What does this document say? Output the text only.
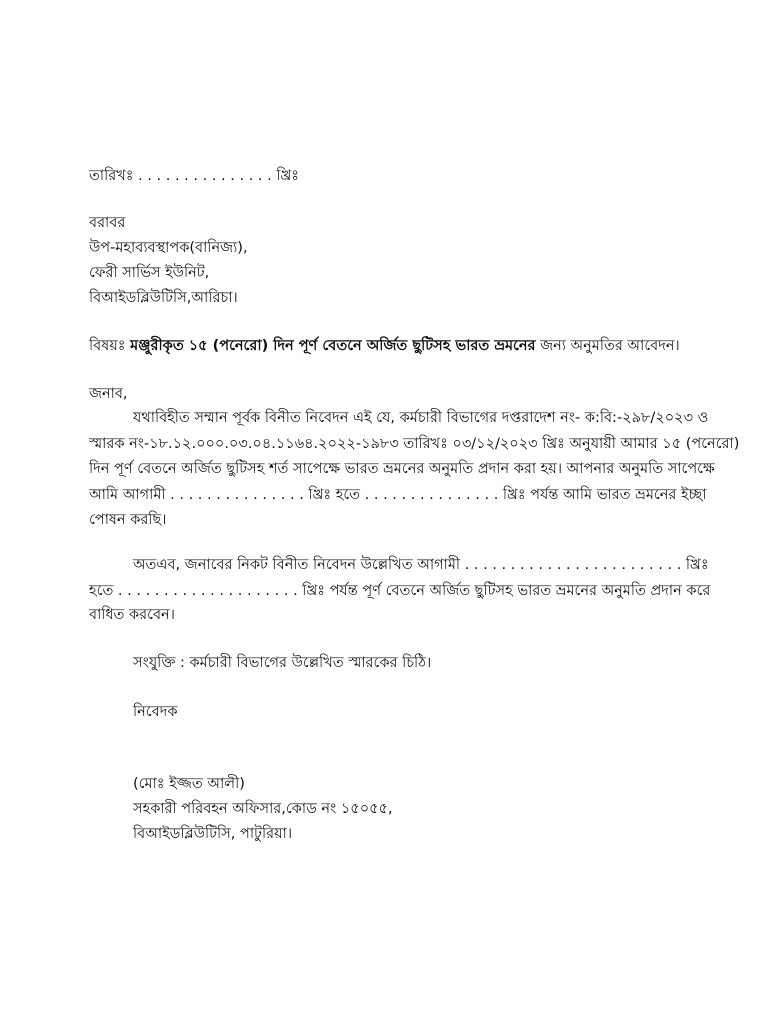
তারিখঃ . . . . . . . . . . . . . . . খ্রিঃ
বরাবর
উপ-মহাব্যবস্থাপক(বানিজ্য),
ফেরী সার্ভিস ইউনিট,
বিআইডব্লিউটিসি,আরিচা।
বিষয়ঃ মঞ্জুরীকৃত ১৫ (পনেরো) দিন পূর্ণ বেতনে অর্জিত ছুটিসহ ভারত ভ্রমনের জন্য অনুমতির আবেদন।
জনাব,
যথাবিহীত সম্মান পূর্বক বিনীত নিবেদন এই যে, কর্মচারী বিভাগের দপ্তরাদেশ নং- ক:বি:-২৯৮/২০২৩ ও
স্মারক নং-১৮.১২.০০০.০৩.০৪.১১৬৪.২০২২-১৯৮৩ তারিখঃ ০৩/১২/২০২৩ খ্রিঃ অনুযায়ী আমার ১৫ (পনেরো)
দিন পূর্ণ বেতনে অর্জিত ছুটিসহ শর্ত সাপেক্ষে ভারত ভ্রমনের অনুমতি প্রদান করা হয়। আপনার অনুমতি সাপেক্ষে
আমি আগামী . . . . . . . . . . . . . . . খ্রিঃ হতে . . . . . . . . . . . . . . . খ্রিঃ পর্যন্ত আমি ভারত ভ্রমনের ইচ্ছা
পোষন করছি।
অতএব, জনাবের নিকট বিনীত নিবেদন উল্লেখিত আগামী . . . . . . . . . . . . . . . . . . . . . . . . খ্রিঃ
হতে . . . . . . . . . . . . . . . . . . . . খ্রিঃ পর্যন্ত পূর্ণ বেতনে অর্জিত ছুটিসহ ভারত ভ্রমনের অনুমতি প্রদান করে
বাধিত করবেন।
সংযুক্তি : কর্মচারী বিভাগের উল্লেখিত স্মারকের চিঠি।
নিবেদক
(মোঃ ইজ্জত আলী)
সহকারী পরিবহন অফিসার,কোড নং ১৫০৫৫,
বিআইডব্লিউটিসি, পাটুরিয়া।
